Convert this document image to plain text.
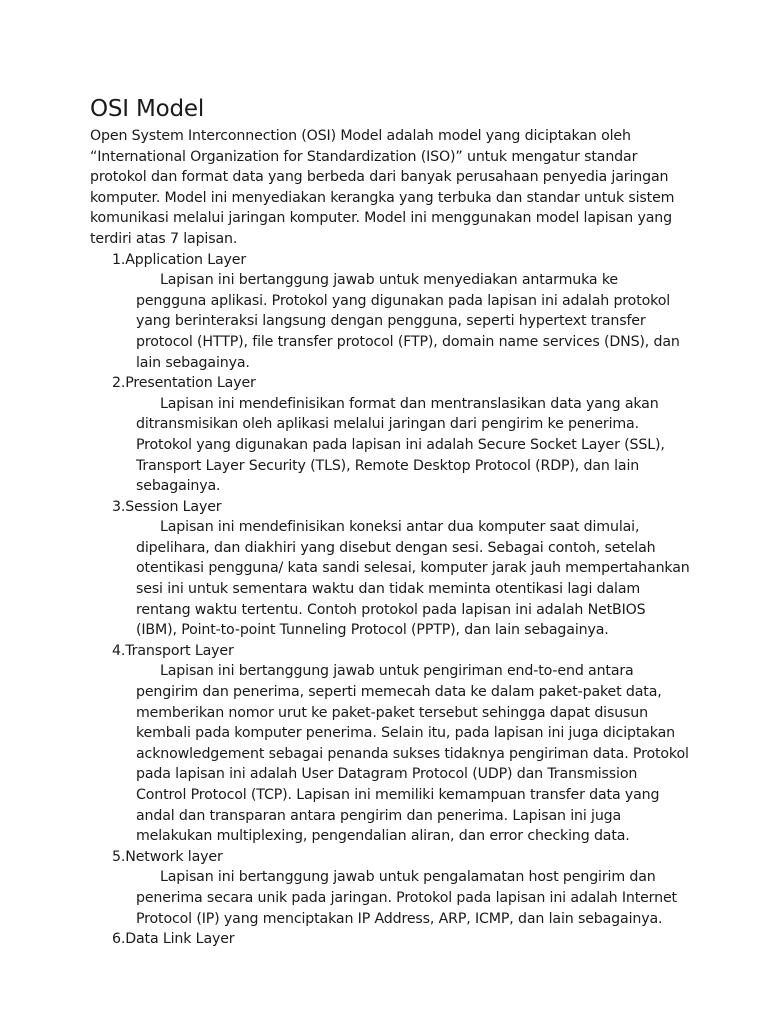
OSI Model

Open System Interconnection (OSI) Model adalah model yang diciptakan oleh “International Organization for Standardization (ISO)” untuk mengatur standar protokol dan format data yang berbeda dari banyak perusahaan penyedia jaringan komputer. Model ini menyediakan kerangka yang terbuka dan standar untuk sistem komunikasi melalui jaringan komputer. Model ini menggunakan model lapisan yang terdiri atas 7 lapisan.

1.Application Layer

Lapisan ini bertanggung jawab untuk menyediakan antarmuka ke pengguna aplikasi. Protokol yang digunakan pada lapisan ini adalah protokol yang berinteraksi langsung dengan pengguna, seperti hypertext transfer protocol (HTTP), file transfer protocol (FTP), domain name services (DNS), dan lain sebagainya.

2.Presentation Layer

Lapisan ini mendefinisikan format dan mentranslasikan data yang akan ditransmisikan oleh aplikasi melalui jaringan dari pengirim ke penerima. Protokol yang digunakan pada lapisan ini adalah Secure Socket Layer (SSL), Transport Layer Security (TLS), Remote Desktop Protocol (RDP), dan lain sebagainya.

3.Session Layer

Lapisan ini mendefinisikan koneksi antar dua komputer saat dimulai, dipelihara, dan diakhiri yang disebut dengan sesi. Sebagai contoh, setelah otentikasi pengguna/ kata sandi selesai, komputer jarak jauh mempertahankan sesi ini untuk sementara waktu dan tidak meminta otentikasi lagi dalam rentang waktu tertentu. Contoh protokol pada lapisan ini adalah NetBIOS (IBM), Point-to-point Tunneling Protocol (PPTP), dan lain sebagainya.

4.Transport Layer

Lapisan ini bertanggung jawab untuk pengiriman end-to-end antara pengirim dan penerima, seperti memecah data ke dalam paket-paket data, memberikan nomor urut ke paket-paket tersebut sehingga dapat disusun kembali pada komputer penerima. Selain itu, pada lapisan ini juga diciptakan acknowledgement sebagai penanda sukses tidaknya pengiriman data. Protokol pada lapisan ini adalah User Datagram Protocol (UDP) dan Transmission Control Protocol (TCP). Lapisan ini memiliki kemampuan transfer data yang andal dan transparan antara pengirim dan penerima. Lapisan ini juga melakukan multiplexing, pengendalian aliran, dan error checking data.

5.Network layer

Lapisan ini bertanggung jawab untuk pengalamatan host pengirim dan penerima secara unik pada jaringan. Protokol pada lapisan ini adalah Internet Protocol (IP) yang menciptakan IP Address, ARP, ICMP, dan lain sebagainya.

6.Data Link Layer
